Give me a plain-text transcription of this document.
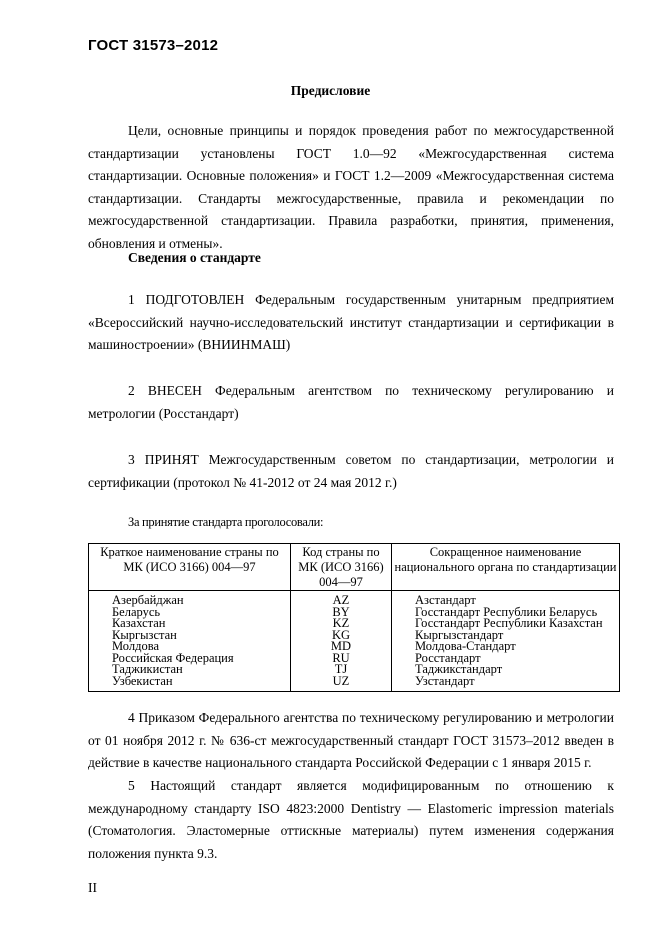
ГОСТ 31573–2012
Предисловие
Цели, основные принципы и порядок проведения работ по межгосударственной стандартизации установлены ГОСТ 1.0—92 «Межгосударственная система стандартизации. Основные положения» и ГОСТ 1.2—2009 «Межгосударственная система стандартизации. Стандарты межгосударственные, правила и рекомендации по межгосударственной стандартизации. Правила разработки, принятия, применения, обновления и отмены».
Сведения о стандарте
1 ПОДГОТОВЛЕН Федеральным государственным унитарным предприятием «Всероссийский научно-исследовательский институт стандартизации и сертификации в машиностроении» (ВНИИНМАШ)
2 ВНЕСЕН Федеральным агентством по техническому регулированию и метрологии (Росстандарт)
3 ПРИНЯТ Межгосударственным советом по стандартизации, метрологии и сертификации (протокол № 41-2012 от 24 мая 2012 г.)
За принятие стандарта проголосовали:
Краткое наименование страны по МК (ИСО 3166) 004—97	Код страны по МК (ИСО 3166) 004—97	Сокращенное наименование национального органа по стандартизации
Азербайджан	AZ	Азстандарт
Беларусь	BY	Госстандарт Республики Беларусь
Казахстан	KZ	Госстандарт Республики Казахстан
Кыргызстан	KG	Кыргызстандарт
Молдова	MD	Молдова-Стандарт
Российская Федерация	RU	Росстандарт
Таджикистан	TJ	Таджикстандарт
Узбекистан	UZ	Узстандарт
4 Приказом Федерального агентства по техническому регулированию и метрологии от 01 ноября 2012 г. № 636-ст межгосударственный стандарт ГОСТ 31573–2012 введен в действие в качестве национального стандарта Российской Федерации с 1 января 2015 г.
5 Настоящий стандарт является модифицированным по отношению к международному стандарту ISO 4823:2000 Dentistry — Elastomeric impression materials (Стоматология. Эластомерные оттискные материалы) путем изменения содержания положения пункта 9.3.
II
